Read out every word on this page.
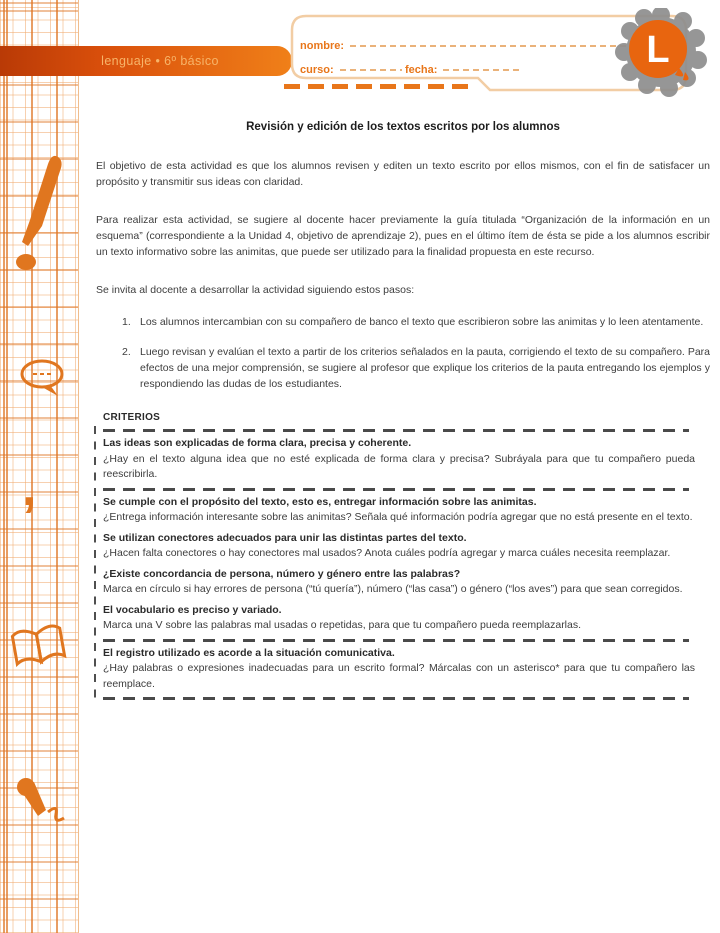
,
lenguaje • 6º básico
nombre:
curso:	fecha:	L
Revisión y edición de los textos escritos por los alumnos

El objetivo de esta actividad es que los alumnos revisen y editen un texto escrito por ellos mismos, con el fin de satisfacer un propósito y transmitir sus ideas con claridad.

Para realizar esta actividad, se sugiere al docente hacer previamente la guía titulada “Organización de la información en un esquema” (correspondiente a la Unidad 4, objetivo de aprendizaje 2), pues en el último ítem de ésta se pide a los alumnos escribir un texto informativo sobre las animitas, que puede ser utilizado para la finalidad propuesta en este recurso.

Se invita al docente a desarrollar la actividad siguiendo estos pasos:

1. Los alumnos intercambian con su compañero de banco el texto que escribieron sobre las animitas y lo leen atentamente.
2. Luego revisan y evalúan el texto a partir de los criterios señalados en la pauta, corrigiendo el texto de su compañero. Para efectos de una mejor comprensión, se sugiere al profesor que explique los criterios de la pauta entregando los ejemplos y respondiendo las dudas de los estudiantes.
CRITERIOS

Las ideas son explicadas de forma clara, precisa y coherente.

¿Hay en el texto alguna idea que no esté explicada de forma clara y precisa? Subráyala para que tu compañero pueda reescribirla.

Se cumple con el propósito del texto, esto es, entregar información sobre las animitas.

¿Entrega información interesante sobre las animitas? Señala qué información podría agregar que no está presente en el texto.

Se utilizan conectores adecuados para unir las distintas partes del texto.

¿Hacen falta conectores o hay conectores mal usados? Anota cuáles podría agregar y marca cuáles necesita reemplazar.

¿Existe concordancia de persona, número y género entre las palabras?

Marca en círculo si hay errores de persona (“tú quería”), número (“las casa”) o género (“los aves”) para que sean corregidos.

El vocabulario es preciso y variado.

Marca una V sobre las palabras mal usadas o repetidas, para que tu compañero pueda reemplazarlas.

El registro utilizado es acorde a la situación comunicativa.

¿Hay palabras o expresiones inadecuadas para un escrito formal? Márcalas con un asterisco* para que tu compañero las reemplace.
